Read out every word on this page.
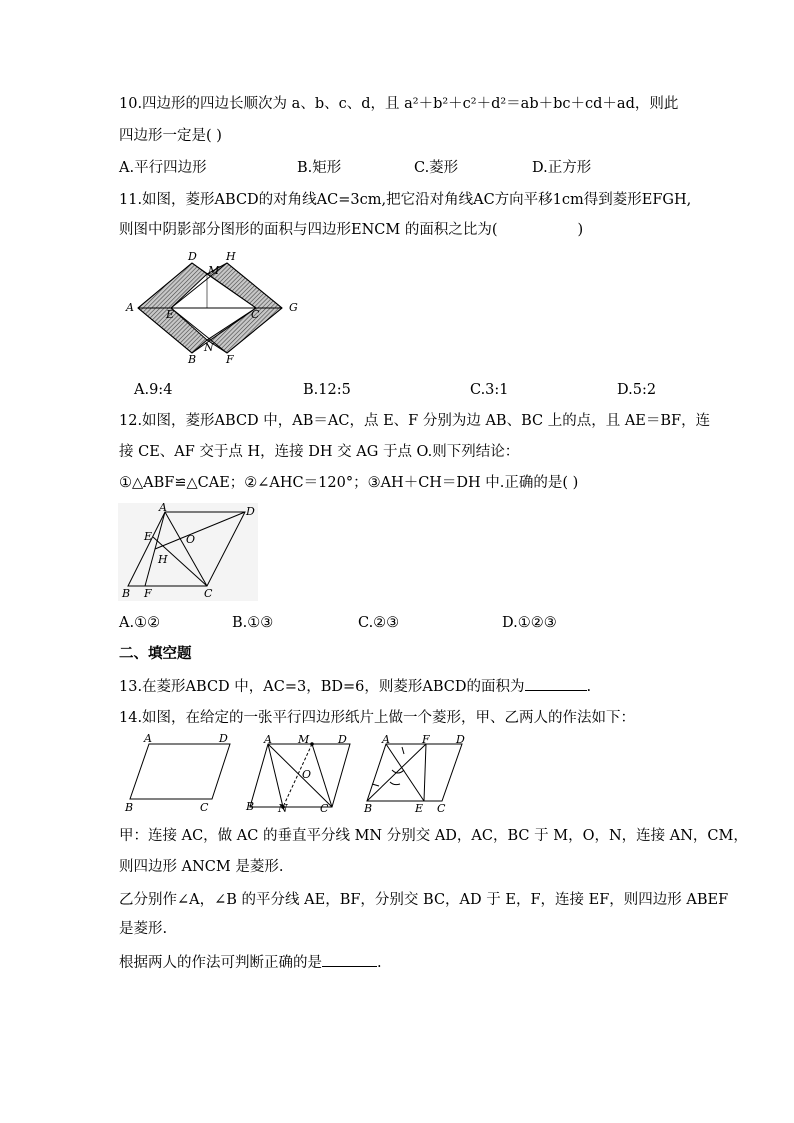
10.四边形的四边长顺次为 a、b、c、d，且 a²＋b²＋c²＋d²＝ab＋bc＋cd＋ad，则此
四边形一定是( )
A.平行四边形	B.矩形	C.菱形	D.正方形
11.如图，菱形ABCD的对角线AC=3cm,把它沿对角线AC方向平移1cm得到菱形EFGH,
则图中阴影部分图形的面积与四边形ENCM 的面积之比为(	)
D
M
H
A
E	C
G
B
N
F
A.9:4	B.12:5	C.3:1	D.5:2
12.如图，菱形ABCD 中，AB＝AC，点 E、F 分别为边 AB、BC 上的点，且 AE＝BF，连
接 CE、AF 交于点 H，连接 DH 交 AG 于点 O.则下列结论：
①△ABF≌△CAE；②∠AHC＝120°；③AH＋CH＝DH 中.正确的是( )
A	D
E	O
H
B F	C
A.①②	B.①③	C.②③	D.①②③
二、填空题
13.在菱形ABCD 中，AC=3，BD=6，则菱形ABCD的面积为	.
14.如图，在给定的一张平行四边形纸片上做一个菱形，甲、乙两人的作法如下：
A	D
B	C
A M	D
O
B N	C
A	F D
B	E C
甲：连接 AC，做 AC 的垂直平分线 MN 分别交 AD，AC，BC 于 M，O，N，连接 AN，CM，
则四边形 ANCM 是菱形.
乙分别作∠A，∠B 的平分线 AE，BF，分别交 BC，AD 于 E，F，连接 EF，则四边形 ABEF
是菱形.
根据两人的作法可判断正确的是	.
